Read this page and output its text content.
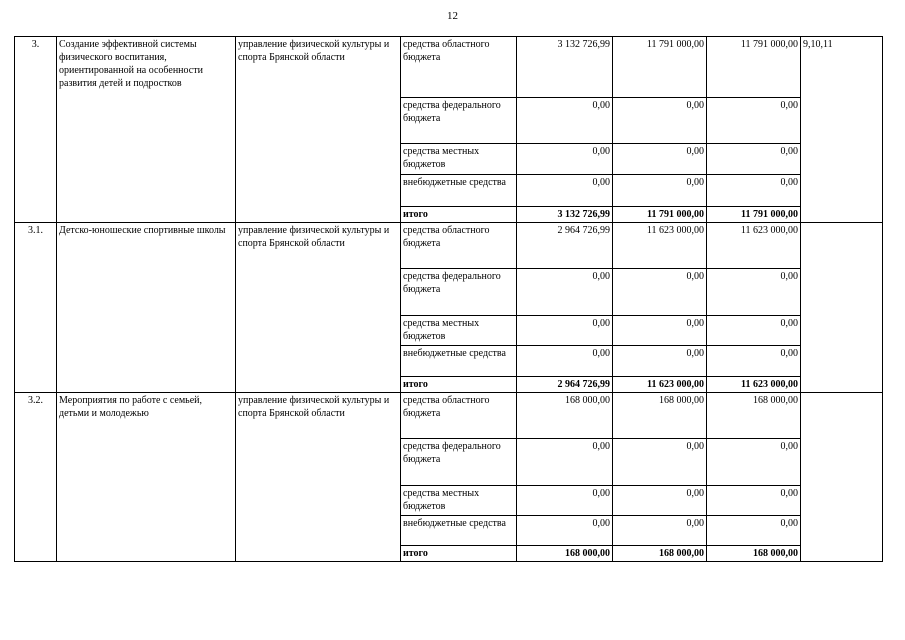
12
3.	Создание эффективной системы физического воспитания, ориентированной на особенности развития детей и подростков	управление физической культуры и спорта Брянской области	средства областного бюджета	3 132 726,99	11 791 000,00	11 791 000,00	9,10,11
			средства федерального бюджета	0,00	0,00	0,00	
			средства местных бюджетов	0,00	0,00	0,00	
			внебюджетные средства	0,00	0,00	0,00	
			итого	3 132 726,99	11 791 000,00	11 791 000,00	
3.1.	Детско-юношеские спортивные школы	управление физической культуры и спорта Брянской области	средства областного бюджета	2 964 726,99	11 623 000,00	11 623 000,00	
			средства федерального бюджета	0,00	0,00	0,00	
			средства местных бюджетов	0,00	0,00	0,00	
			внебюджетные средства	0,00	0,00	0,00	
			итого	2 964 726,99	11 623 000,00	11 623 000,00	
3.2.	Мероприятия по работе с семьей, детьми и молодежью	управление физической культуры и спорта Брянской области	средства областного бюджета	168 000,00	168 000,00	168 000,00	
			средства федерального бюджета	0,00	0,00	0,00	
			средства местных бюджетов	0,00	0,00	0,00	
			внебюджетные средства	0,00	0,00	0,00	
			итого	168 000,00	168 000,00	168 000,00	
